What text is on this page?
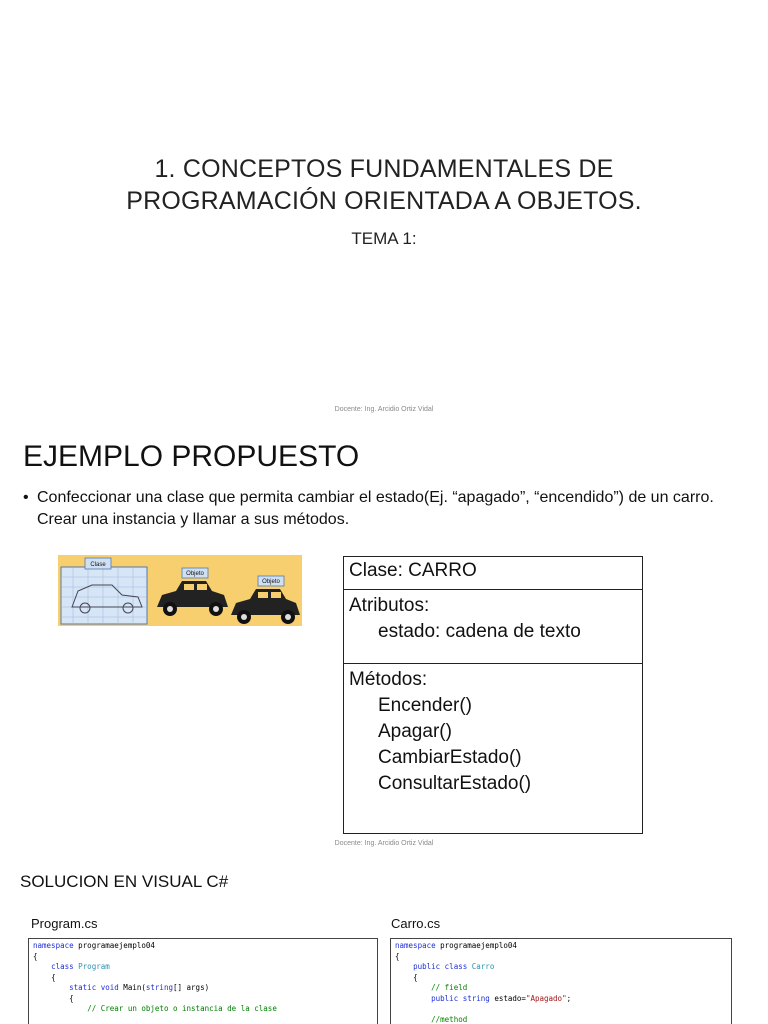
1. CONCEPTOS FUNDAMENTALES DE
PROGRAMACIÓN ORIENTADA A OBJETOS.
TEMA 1:
Docente: Ing. Arcidio Ortiz Vidal
EJEMPLO PROPUESTO
• Confeccionar una clase que permita cambiar el estado(Ej. “apagado”, “encendido”) de un carro. Crear una instancia y llamar a sus métodos.
Clase
Objeto
Objeto
Clase: CARRO
Atributos:
estado: cadena de texto
Métodos:
Encender()
Apagar()
CambiarEstado()
ConsultarEstado()
Docente: Ing. Arcidio Ortiz Vidal
SOLUCION EN VISUAL C#
Program.cs
namespace programaejemplo04
{
class Program
{
static void Main(string[] args)
{
// Crear un objeto o instancia de la clase
Carro.cs
namespace programaejemplo04
{
public class Carro
{
// field
public string estado="Apagado";

//method
